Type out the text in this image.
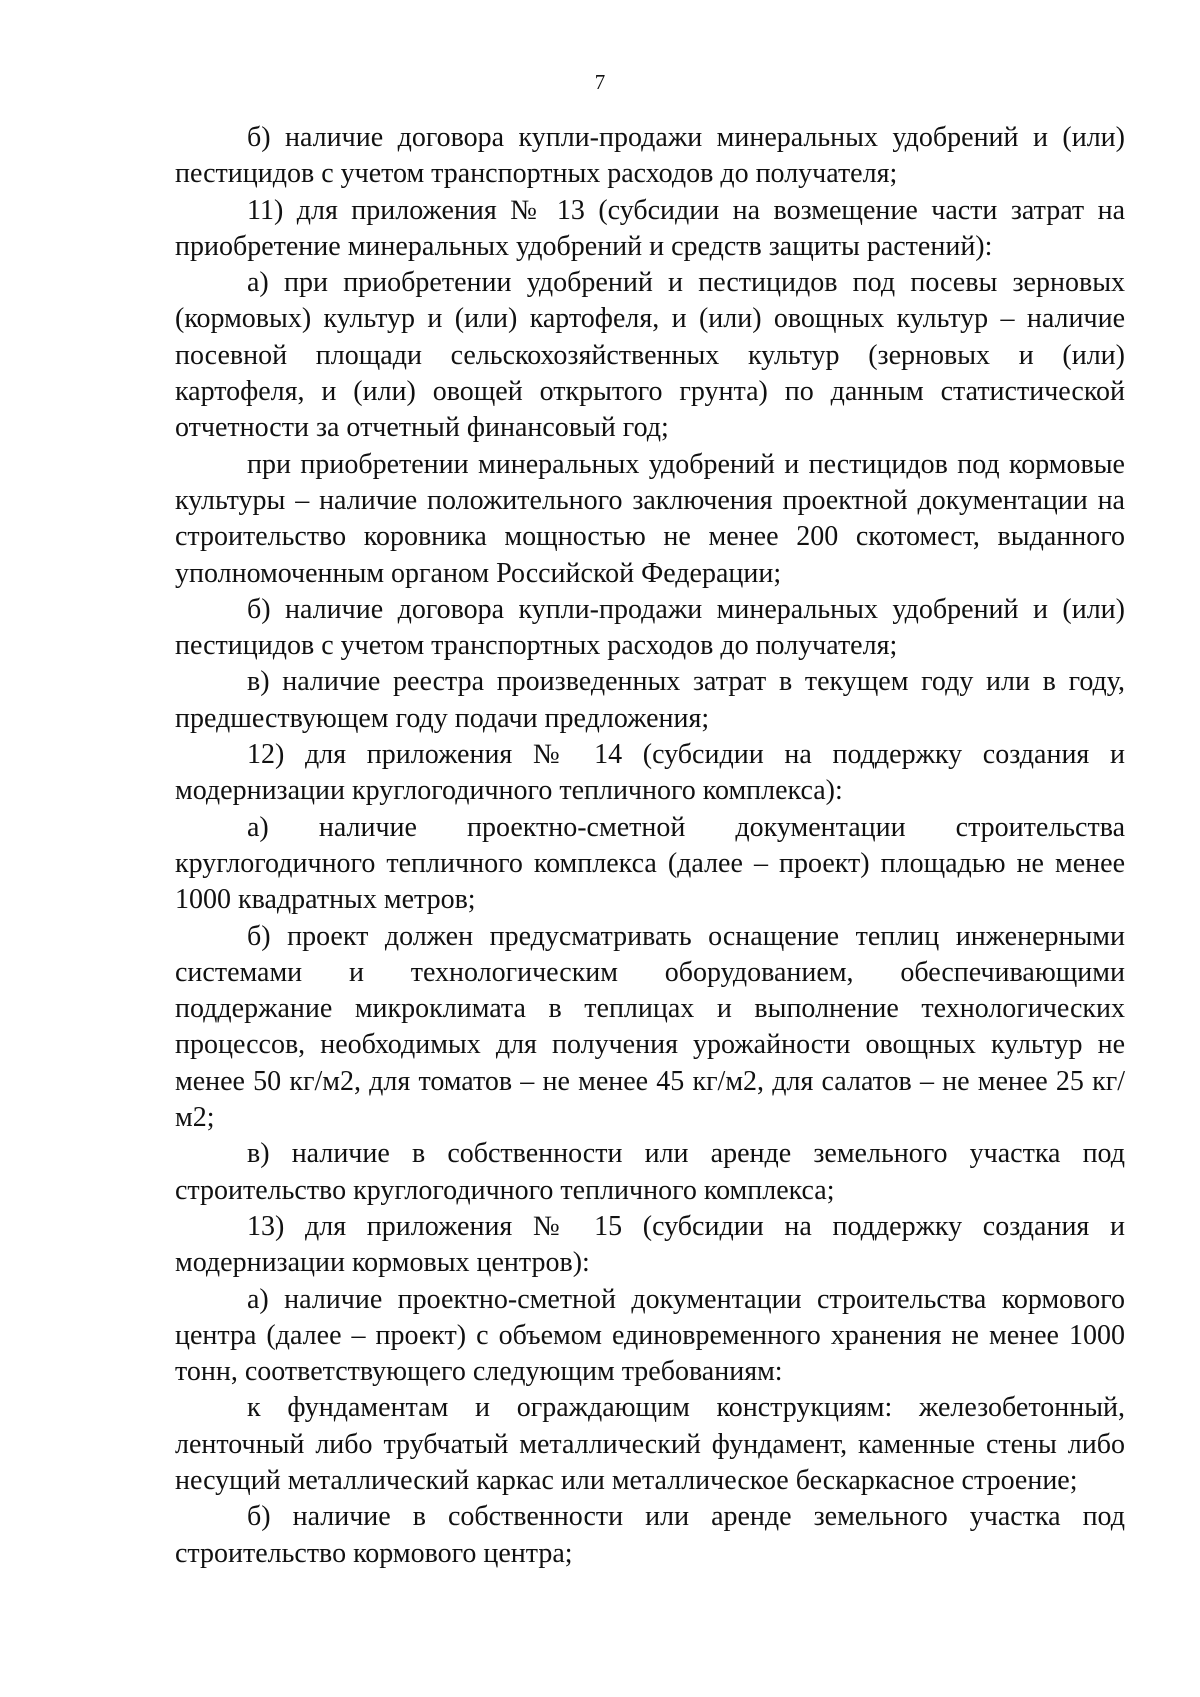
7

б) наличие договора купли-продажи минеральных удобрений и (или) пестицидов с учетом транспортных расходов до получателя;

11) для приложения № 13 (субсидии на возмещение части затрат на приобретение минеральных удобрений и средств защиты растений):

а) при приобретении удобрений и пестицидов под посевы зерновых (кормовых) культур и (или) картофеля, и (или) овощных культур – наличие посевной площади сельскохозяйственных культур (зерновых и (или) картофеля, и (или) овощей открытого грунта) по данным статистической отчетности за отчетный финансовый год;

при приобретении минеральных удобрений и пестицидов под кормовые культуры – наличие положительного заключения проектной документации на строительство коровника мощностью не менее 200 скотомест, выданного уполномоченным органом Российской Федерации;

б) наличие договора купли-продажи минеральных удобрений и (или) пестицидов с учетом транспортных расходов до получателя;

в) наличие реестра произведенных затрат в текущем году или в году, предшествующем году подачи предложения;

12) для приложения № 14 (субсидии на поддержку создания и модернизации круглогодичного тепличного комплекса):

а) наличие проектно-сметной документации строительства круглогодичного тепличного комплекса (далее – проект) площадью не менее 1000 квадратных метров;

б) проект должен предусматривать оснащение теплиц инженерными системами и технологическим оборудованием, обеспечивающими поддержание микроклимата в теплицах и выполнение технологических процессов, необходимых для получения урожайности овощных культур не менее 50 кг/м2, для томатов – не менее 45 кг/м2, для салатов – не менее 25 кг/м2;

в) наличие в собственности или аренде земельного участка под строительство круглогодичного тепличного комплекса;

13) для приложения № 15 (субсидии на поддержку создания и модернизации кормовых центров):

а) наличие проектно-сметной документации строительства кормового центра (далее – проект) с объемом единовременного хранения не менее 1000 тонн, соответствующего следующим требованиям:

к фундаментам и ограждающим конструкциям: железобетонный, ленточный либо трубчатый металлический фундамент, каменные стены либо несущий металлический каркас или металлическое бескаркасное строение;

б) наличие в собственности или аренде земельного участка под строительство кормового центра;
